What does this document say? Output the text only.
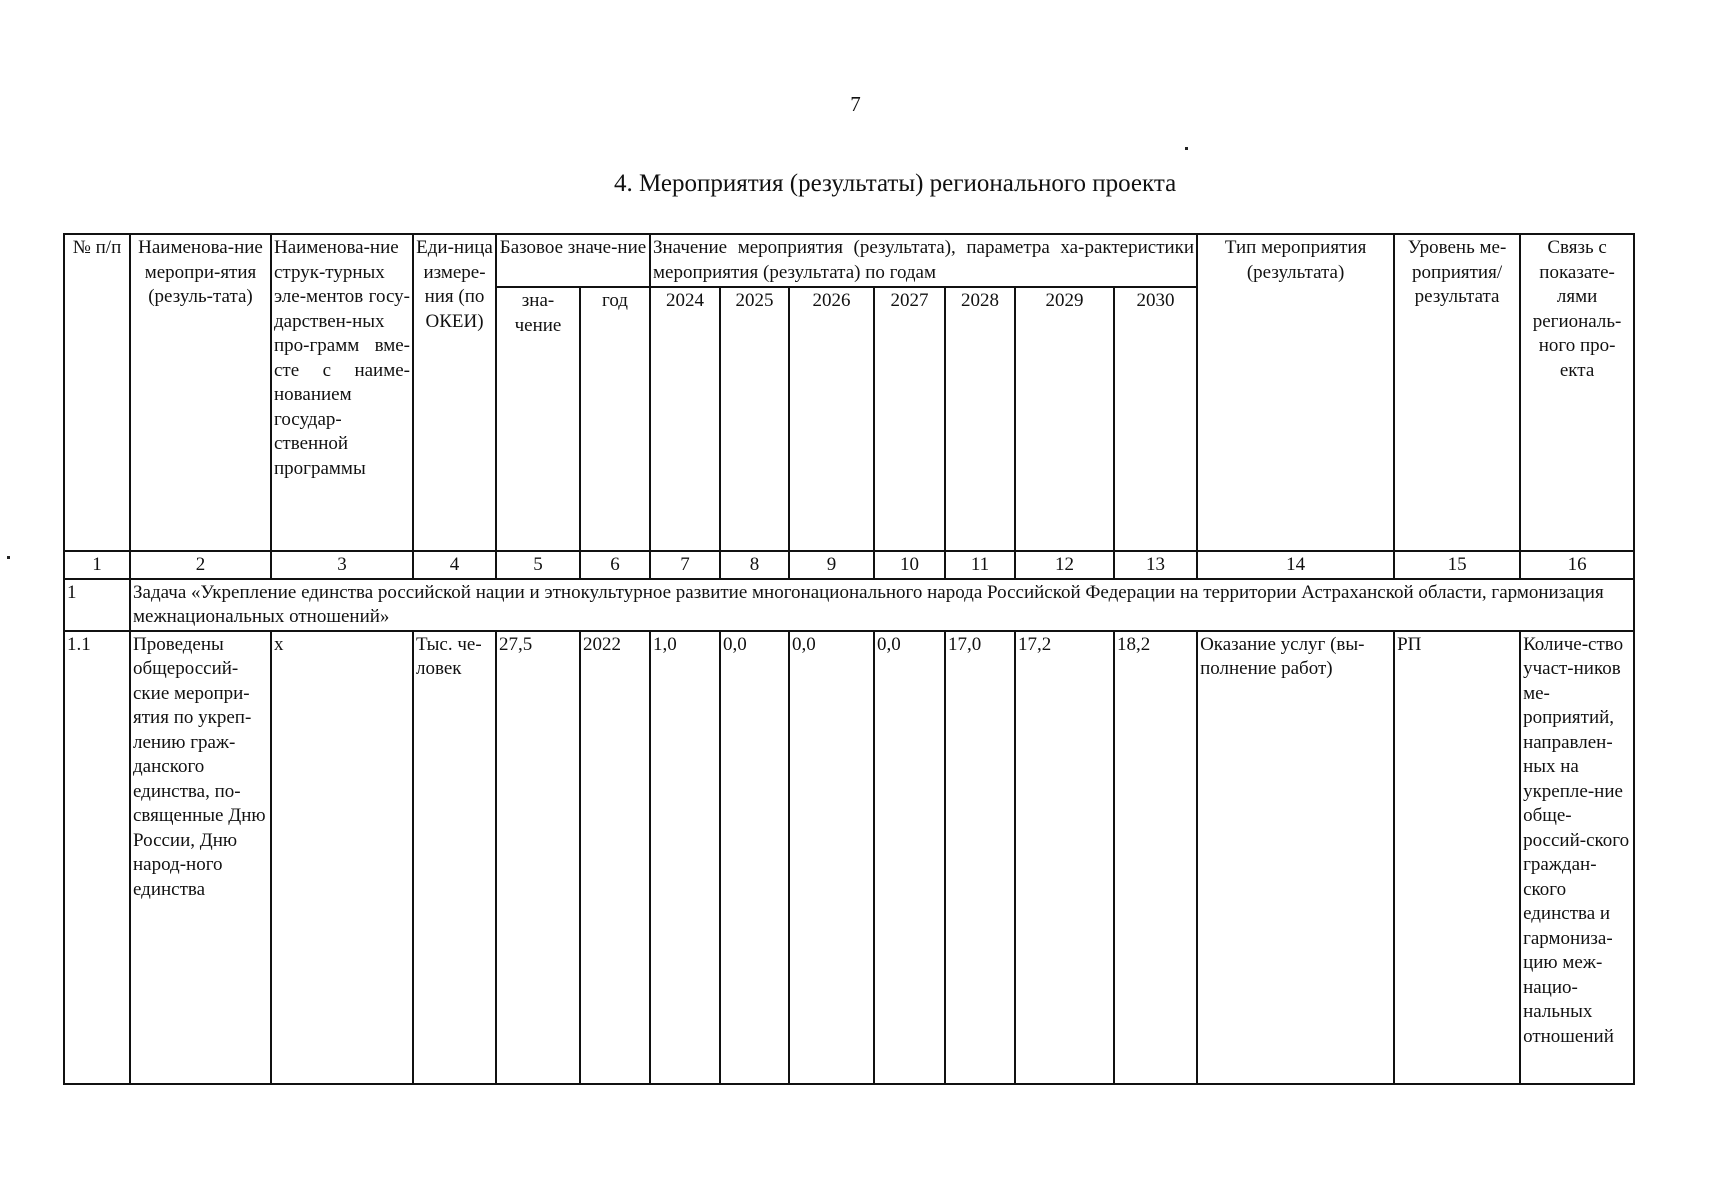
7
4. Мероприятия (результаты) регионального проекта
№ п/п	Наименова-ние меропри-ятия (резуль-тата)	Наименова-ние струк-турных эле-ментов госу-дарствен-ных про-грамм вме-сте с наиме-нованием государ-ственной программы	Еди-ница измере-ния (по ОКЕИ)	Базовое значе-ние		Значение мероприятия (результата), параметра ха-рактеристики мероприятия (результата) по годам							Тип мероприятия (результата)	Уровень ме-роприятия/ результата	Связь с показате-лями региональ-ного про-екта
				зна-чение	год	2024	2025	2026	2027	2028	2029	2030			
1	2	3	4	5	6	7	8	9	10	11	12	13	14	15	16
1	Задача «Укрепление единства российской нации и этнокультурное развитие многонационального народа Российской Федерации на территории Астраханской области, гармонизация межнациональных отношений»														
1.1	Проведены общероссий-ские меропри-ятия по укреп-лению граж-данского единства, по-священные Дню России, Дню народ-ного единства	х	Тыс. че-ловек	27,5	2022	1,0	0,0	0,0	0,0	17,0	17,2	18,2	Оказание услуг (вы-полнение работ)	РП	Количе-ство участ-ников ме-роприятий, направлен-ных на укрепле-ние обще-россий-ского граждан-ского единства и гармониза-цию меж-нацио-нальных отношений
